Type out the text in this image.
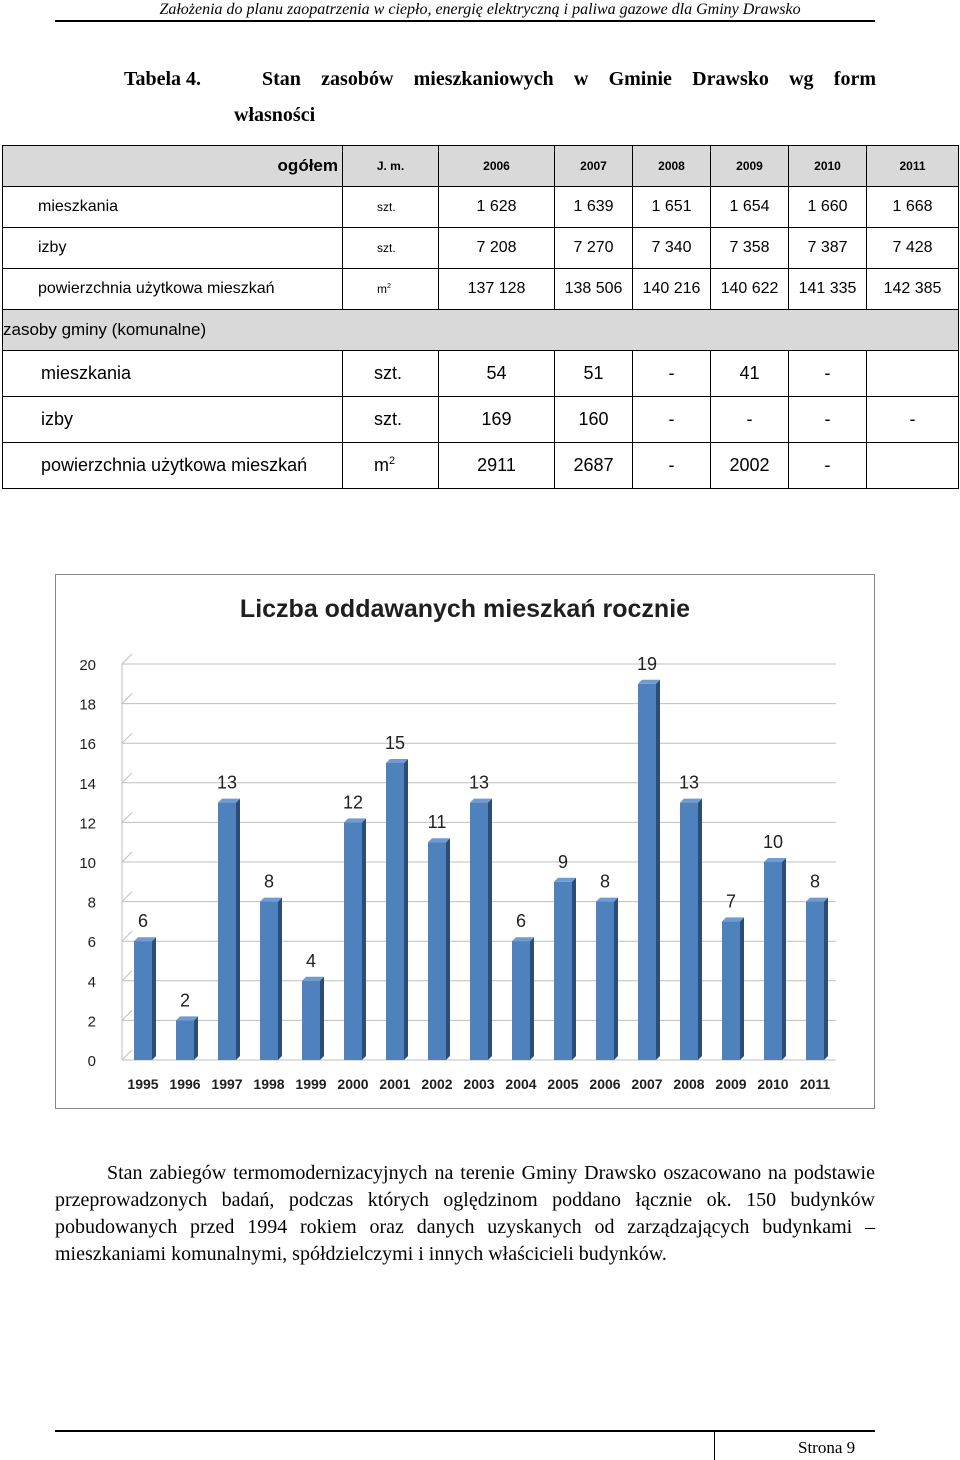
Założenia do planu zaopatrzenia w ciepło, energię elektryczną i paliwa gazowe dla Gminy Drawsko
Tabela 4.	Stan zasobów mieszkaniowych w Gminie Drawsko wg form
własności
ogółem	J. m.	2006	2007	2008	2009	2010	2011
mieszkania	szt.	1 628	1 639	1 651	1 654	1 660	1 668
izby	szt.	7 208	7 270	7 340	7 358	7 387	7 428
powierzchnia użytkowa mieszkań	$m^2$	137 128	138 506	140 216	140 622	141 335	142 385
zasoby gminy (komunalne)							
mieszkania	szt.	54	51	-	41	-	
izby	szt.	169	160	-	-	-	-
powierzchnia użytkowa mieszkań	$m^2$	2911	2687	-	2002	-	
Liczba oddawanych mieszkań rocznie
0
2
4
6
8
10
12
14
16
18
20
6
1995
2
1996
13
1997
8
1998
4
1999
12
2000
15
2001
11
2002
13
2003
6
2004
9
2005
8
2006
19
2007
13
2008
7
2009
10
2010
8
2011

Stan zabiegów termomodernizacyjnych na terenie Gminy Drawsko oszacowano na podstawie przeprowadzonych badań, podczas których oględzinom poddano łącznie ok. 150 budynków pobudowanych przed 1994 rokiem oraz danych uzyskanych od zarządzających budynkami – mieszkaniami komunalnymi, spółdzielczymi i innych właścicieli budynków.

Strona 9
